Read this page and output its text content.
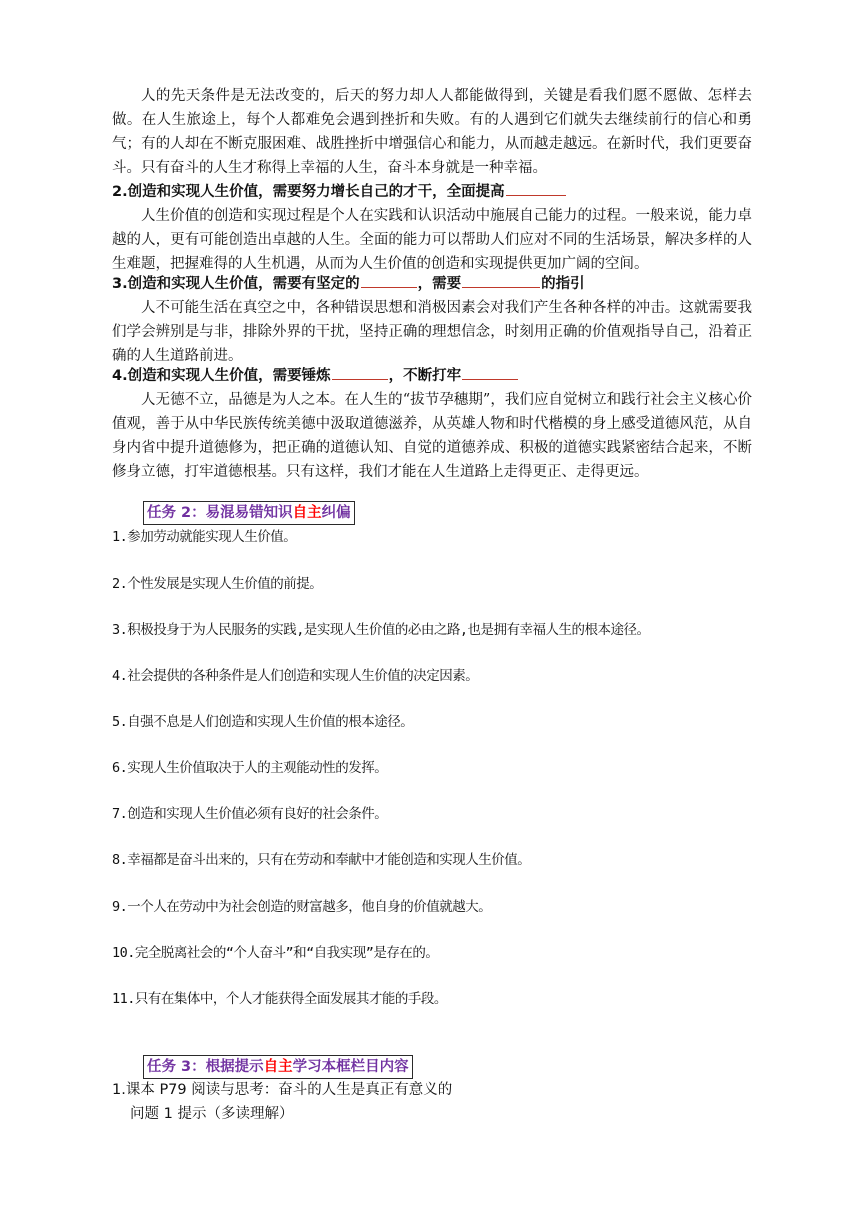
人的先天条件是无法改变的，后天的努力却人人都能做得到，关键是看我们愿不愿做、怎样去做。在人生旅途上，每个人都难免会遇到挫折和失败。有的人遇到它们就失去继续前行的信心和勇气；有的人却在不断克服困难、战胜挫折中增强信心和能力，从而越走越远。在新时代，我们更要奋斗。只有奋斗的人生才称得上幸福的人生，奋斗本身就是一种幸福。
2.创造和实现人生价值，需要努力增长自己的才干，全面提高
人生价值的创造和实现过程是个人在实践和认识活动中施展自己能力的过程。一般来说，能力卓越的人，更有可能创造出卓越的人生。全面的能力可以帮助人们应对不同的生活场景，解决多样的人生难题，把握难得的人生机遇，从而为人生价值的创造和实现提供更加广阔的空间。
3.创造和实现人生价值，需要有坚定的	，需要	的指引
人不可能生活在真空之中，各种错误思想和消极因素会对我们产生各种各样的冲击。这就需要我们学会辨别是与非，排除外界的干扰，坚持正确的理想信念，时刻用正确的价值观指导自己，沿着正确的人生道路前进。
4.创造和实现人生价值，需要锤炼	，不断打牢
人无德不立，品德是为人之本。在人生的“拔节孕穗期”，我们应自觉树立和践行社会主义核心价值观，善于从中华民族传统美德中汲取道德滋养，从英雄人物和时代楷模的身上感受道德风范，从自身内省中提升道德修为，把正确的道德认知、自觉的道德养成、积极的道德实践紧密结合起来，不断修身立德，打牢道德根基。只有这样，我们才能在人生道路上走得更正、走得更远。
任务 2：易混易错知识自主纠偏
1.参加劳动就能实现人生价值。
2.个性发展是实现人生价值的前提。
3.积极投身于为人民服务的实践,是实现人生价值的必由之路,也是拥有幸福人生的根本途径。
4.社会提供的各种条件是人们创造和实现人生价值的决定因素。
5.自强不息是人们创造和实现人生价值的根本途径。
6.实现人生价值取决于人的主观能动性的发挥。
7.创造和实现人生价值必须有良好的社会条件。
8.幸福都是奋斗出来的，只有在劳动和奉献中才能创造和实现人生价值。
9.一个人在劳动中为社会创造的财富越多，他自身的价值就越大。
10.完全脱离社会的“个人奋斗”和“自我实现”是存在的。
11.只有在集体中，个人才能获得全面发展其才能的手段。
任务 3：根据提示自主学习本框栏目内容
1.课本 P79 阅读与思考：奋斗的人生是真正有意义的
问题 1 提示（多读理解）
